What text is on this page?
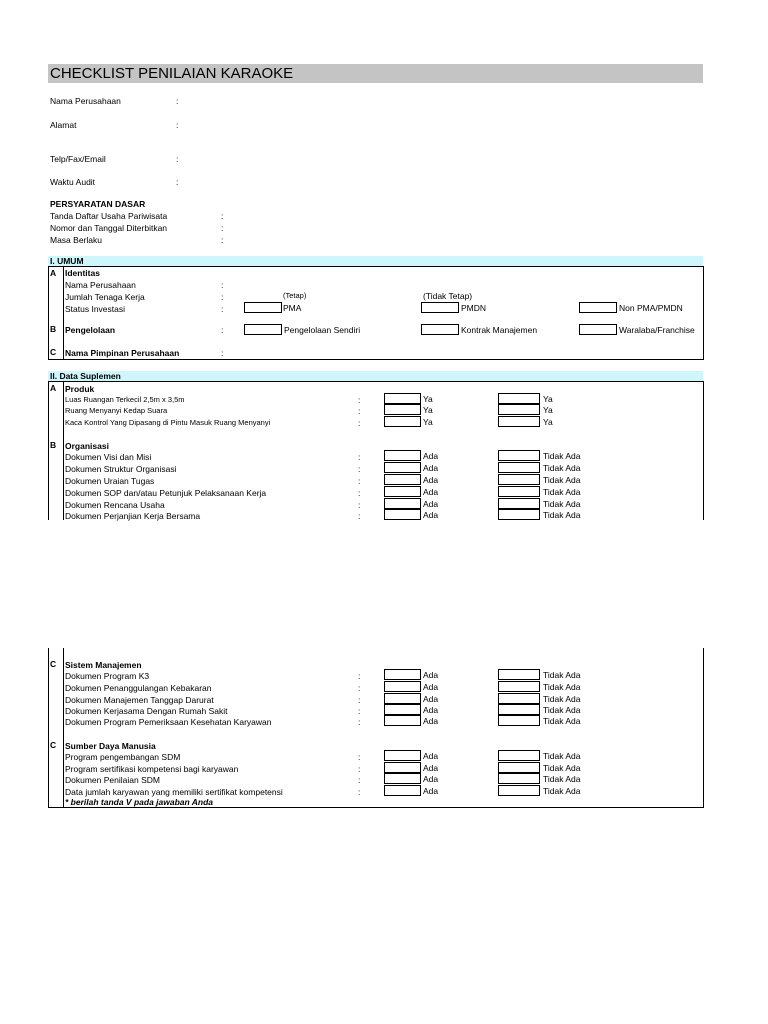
CHECKLIST PENILAIAN KARAOKE
Nama Perusahaan	:
Alamat	:
Telp/Fax/Email	:
Waktu Audit	:
PERSYARATAN DASAR
Tanda Daftar Usaha Pariwisata	:
Nomor dan Tanggal Diterbitkan	:
Masa Berlaku	:
I. UMUM
A Identitas
Nama Perusahaan	:
Jumlah Tenaga Kerja	:	(Tetap)	(Tidak Tetap)
Status Investasi	:	PMA	PMDN	Non PMA/PMDN
B Pengelolaan	:	Pengelolaan Sendiri	Kontrak Manajemen	Waralaba/Franchise
C Nama Pimpinan Perusahaan	:
II. Data Suplemen
A Produk
Luas Ruangan Terkecil 2,5m x 3,5m	:	Ya	Ya
Ruang Menyanyi Kedap Suara	:	Ya	Ya
Kaca Kontrol Yang Dipasang di Pintu Masuk Ruang Menyanyi	:	Ya	Ya
B Organisasi
Dokumen Visi dan Misi	:	Ada	Tidak Ada
Dokumen Struktur Organisasi	:	Ada	Tidak Ada
Dokumen Uraian Tugas	:	Ada	Tidak Ada
Dokumen SOP dan/atau Petunjuk Pelaksanaan Kerja	:	Ada	Tidak Ada
Dokumen Rencana Usaha	:	Ada	Tidak Ada
Dokumen Perjanjian Kerja Bersama	:	Ada	Tidak Ada
C Sistem Manajemen
Dokumen Program K3	:	Ada	Tidak Ada
Dokumen Penanggulangan Kebakaran	:	Ada	Tidak Ada
Dokumen Manajemen Tanggap Darurat	:	Ada	Tidak Ada
Dokumen Kerjasama Dengan Rumah Sakit	:	Ada	Tidak Ada
Dokumen Program Pemeriksaan Kesehatan Karyawan	:	Ada	Tidak Ada
C Sumber Daya Manusia
Program pengembangan SDM	:	Ada	Tidak Ada
Program sertifikasi kompetensi bagi karyawan	:	Ada	Tidak Ada
Dokumen Penilaian SDM	:	Ada	Tidak Ada
Data jumlah karyawan yang memiliki sertifikat kompetensi	:	Ada	Tidak Ada
* berilah tanda V pada jawaban Anda
